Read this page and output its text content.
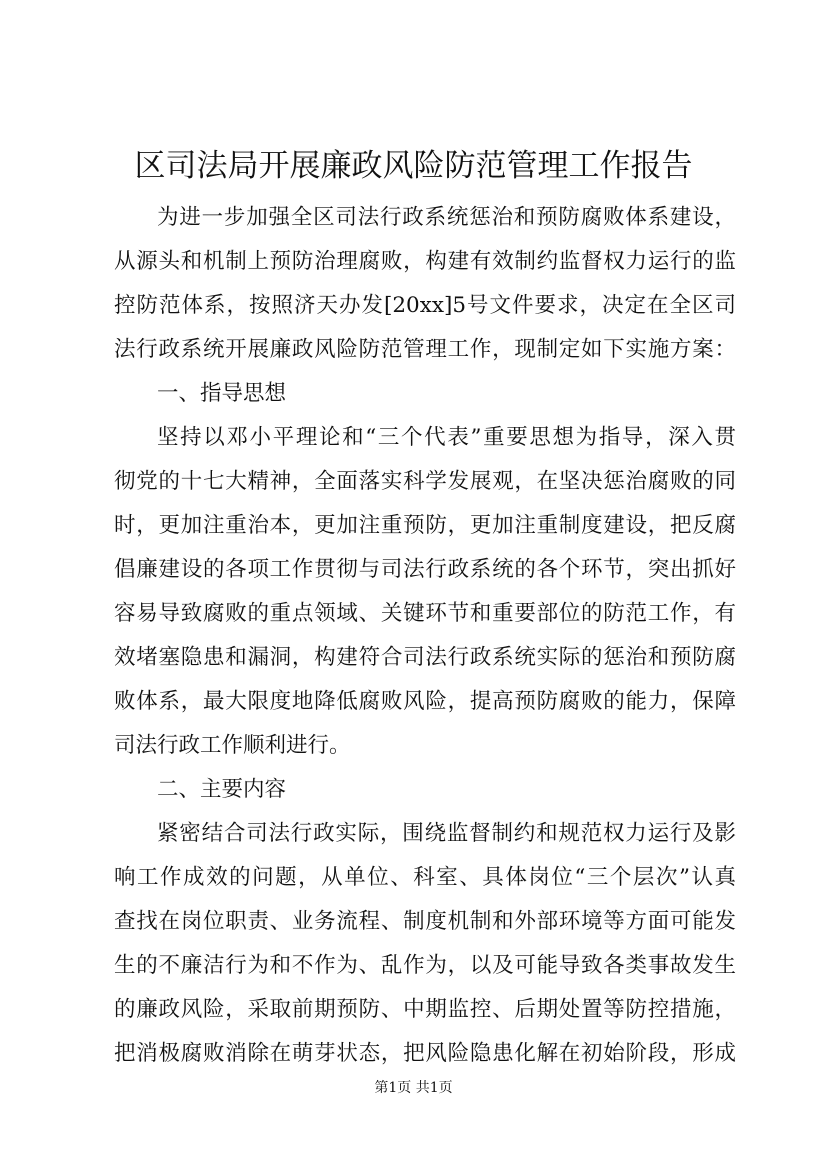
区司法局开展廉政风险防范管理工作报告
为进一步加强全区司法行政系统惩治和预防腐败体系建设，
从源头和机制上预防治理腐败，构建有效制约监督权力运行的监
控防范体系，按照济天办发[20xx]5号文件要求，决定在全区司
法行政系统开展廉政风险防范管理工作，现制定如下实施方案：
一、指导思想
坚持以邓小平理论和“三个代表”重要思想为指导，深入贯
彻党的十七大精神，全面落实科学发展观，在坚决惩治腐败的同
时，更加注重治本，更加注重预防，更加注重制度建设，把反腐
倡廉建设的各项工作贯彻与司法行政系统的各个环节，突出抓好
容易导致腐败的重点领域、关键环节和重要部位的防范工作，有
效堵塞隐患和漏洞，构建符合司法行政系统实际的惩治和预防腐
败体系，最大限度地降低腐败风险，提高预防腐败的能力，保障
司法行政工作顺利进行。
二、主要内容
紧密结合司法行政实际，围绕监督制约和规范权力运行及影
响工作成效的问题，从单位、科室、具体岗位“三个层次”认真
查找在岗位职责、业务流程、制度机制和外部环境等方面可能发
生的不廉洁行为和不作为、乱作为，以及可能导致各类事故发生
的廉政风险，采取前期预防、中期监控、后期处置等防控措施，
把消极腐败消除在萌芽状态，把风险隐患化解在初始阶段，形成
第1页 共1页
